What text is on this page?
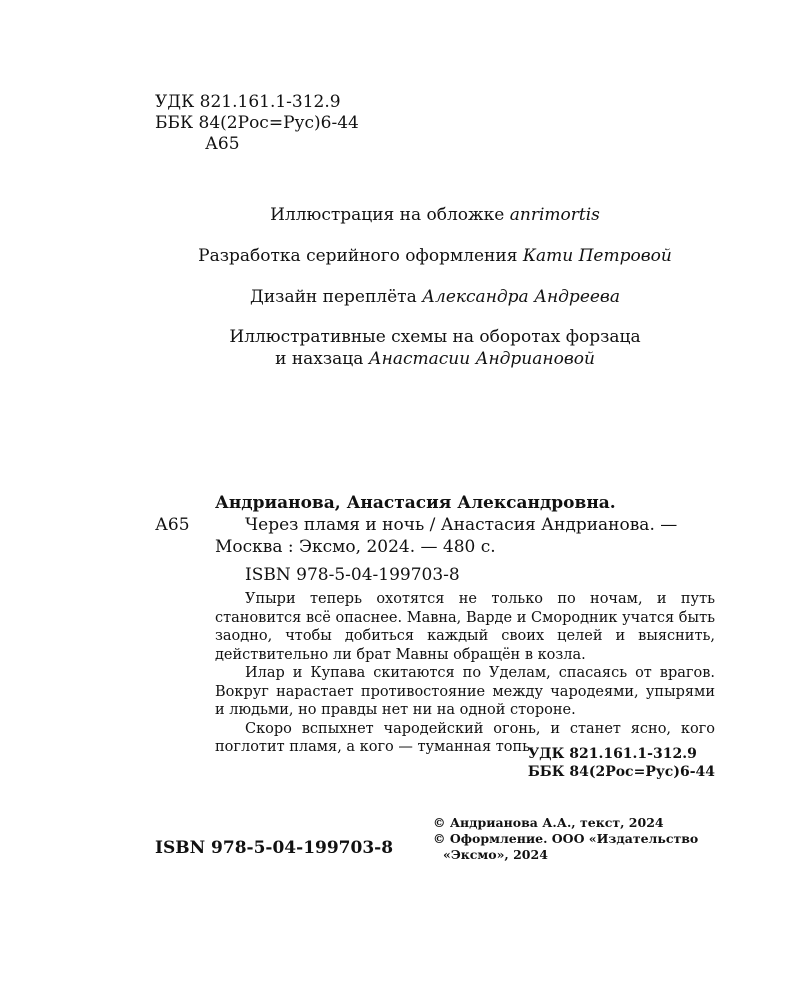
УДК 821.161.1-312.9
ББК 84(2Рос=Рус)6-44
А65
Иллюстрация на обложке anrimortis
Разработка серийного оформления Кати Петровой
Дизайн переплёта Александра Андреева
Иллюстративные схемы на оборотах форзаца
и нахзаца Анастасии Андриановой
Андрианова, Анастасия Александровна.
А65	Через пламя и ночь / Анастасия Андрианова. —
Москва : Эксмо, 2024. — 480 с.
ISBN 978-5-04-199703-8

Упыри теперь охотятся не только по ночам, и путь становится всё опаснее. Мавна, Варде и Смородник учатся быть заодно, чтобы добиться каждый своих целей и выяснить, действительно ли брат Мавны обращён в козла.

Илар и Купава скитаются по Уделам, спасаясь от врагов. Вокруг нарастает противостояние между чародеями, упырями и людьми, но правды нет ни на одной стороне.

Скоро вспыхнет чародейский огонь, и станет ясно, кого поглотит пламя, а кого — туманная топь.

УДК 821.161.1-312.9
ББК 84(2Рос=Рус)6-44
© Андрианова А.А., текст, 2024
© Оформление. ООО «Издательство
«Эксмо», 2024
ISBN 978-5-04-199703-8
